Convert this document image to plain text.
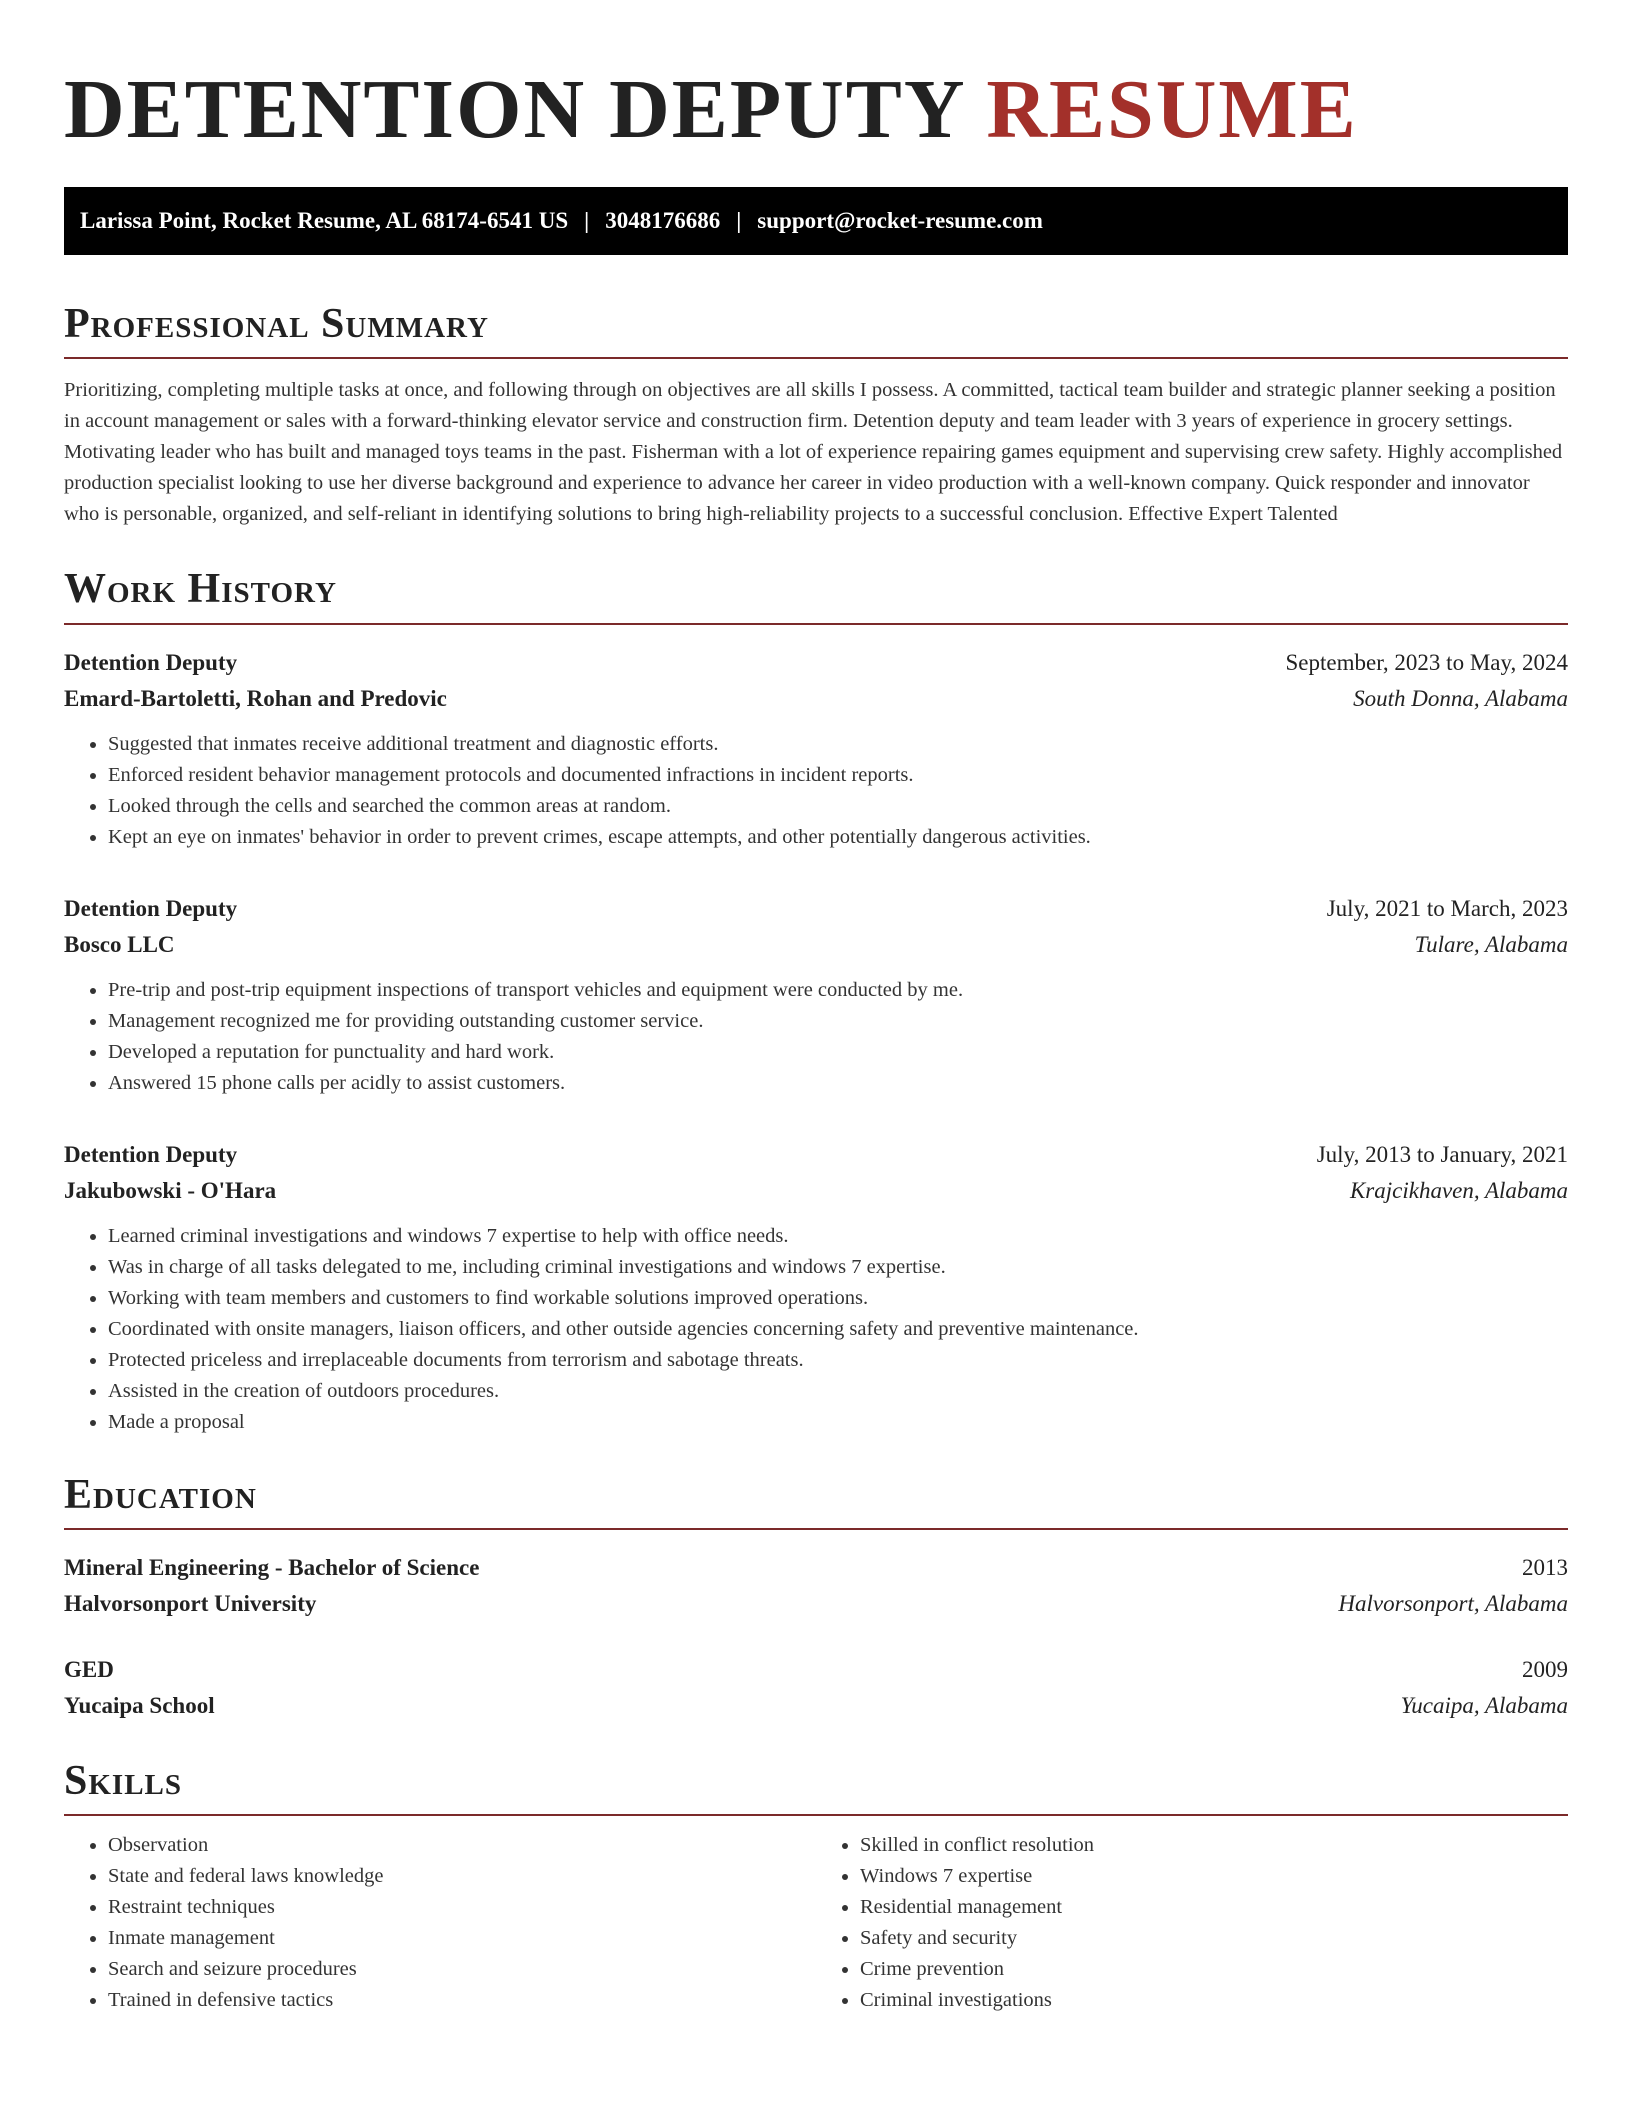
DETENTION DEPUTY RESUME
Larissa Point, Rocket Resume, AL 68174-6541 US | 3048176686 | support@rocket-resume.com
Professional Summary

Prioritizing, completing multiple tasks at once, and following through on objectives are all skills I possess. A committed, tactical team builder and strategic planner seeking a position in account management or sales with a forward-thinking elevator service and construction firm. Detention deputy and team leader with 3 years of experience in grocery settings. Motivating leader who has built and managed toys teams in the past. Fisherman with a lot of experience repairing games equipment and supervising crew safety. Highly accomplished production specialist looking to use her diverse background and experience to advance her career in video production with a well-known company. Quick responder and innovator who is personable, organized, and self-reliant in identifying solutions to bring high-reliability projects to a successful conclusion. Effective Expert Talented

Work History
Detention Deputy	September, 2023 to May, 2024
Emard-Bartoletti, Rohan and Predovic	South Donna, Alabama
• Suggested that inmates receive additional treatment and diagnostic efforts.
• Enforced resident behavior management protocols and documented infractions in incident reports.
• Looked through the cells and searched the common areas at random.
• Kept an eye on inmates' behavior in order to prevent crimes, escape attempts, and other potentially dangerous activities.
Detention Deputy	July, 2021 to March, 2023
Bosco LLC	Tulare, Alabama
• Pre-trip and post-trip equipment inspections of transport vehicles and equipment were conducted by me.
• Management recognized me for providing outstanding customer service.
• Developed a reputation for punctuality and hard work.
• Answered 15 phone calls per acidly to assist customers.
Detention Deputy	July, 2013 to January, 2021
Jakubowski - O'Hara	Krajcikhaven, Alabama
• Learned criminal investigations and windows 7 expertise to help with office needs.
• Was in charge of all tasks delegated to me, including criminal investigations and windows 7 expertise.
• Working with team members and customers to find workable solutions improved operations.
• Coordinated with onsite managers, liaison officers, and other outside agencies concerning safety and preventive maintenance.
• Protected priceless and irreplaceable documents from terrorism and sabotage threats.
• Assisted in the creation of outdoors procedures.
• Made a proposal
Education
Mineral Engineering - Bachelor of Science	2013
Halvorsonport University	Halvorsonport, Alabama
GED	2009
Yucaipa School	Yucaipa, Alabama
Skills
• Observation
• State and federal laws knowledge
• Restraint techniques
• Inmate management
• Search and seizure procedures
• Trained in defensive tactics
• Skilled in conflict resolution
• Windows 7 expertise
• Residential management
• Safety and security
• Crime prevention
• Criminal investigations
